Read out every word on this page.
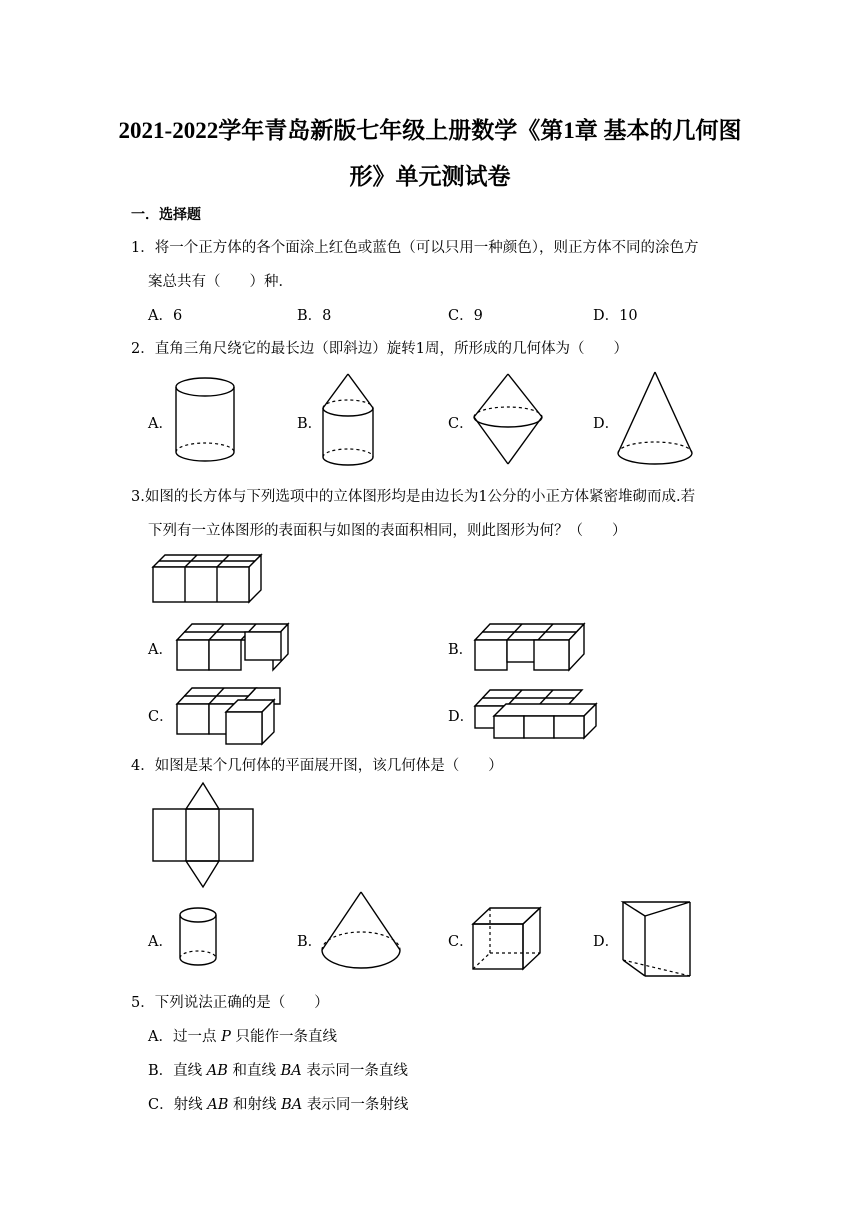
2021-2022学年青岛新版七年级上册数学《第1章 基本的几何图
形》单元测试卷
一．选择题
1．将一个正方体的各个面涂上红色或蓝色（可以只用一种颜色），则正方体不同的涂色方
案总共有（　　）种．
A．6	B．8	C．9	D．10
2．直角三角尺绕它的最长边（即斜边）旋转1周，所形成的几何体为（　　）
A．	B．	C．	D．
3.如图的长方体与下列选项中的立体图形均是由边长为1公分的小正方体紧密堆砌而成.若
下列有一立体图形的表面积与如图的表面积相同，则此图形为何？（　　）
A．	B．
C．	D．
4．如图是某个几何体的平面展开图，该几何体是（　　）
A．	B．	C．	D．
5．下列说法正确的是（　　）
A．过一点 P 只能作一条直线
B．直线 AB 和直线 BA 表示同一条直线
C．射线 AB 和射线 BA 表示同一条射线
